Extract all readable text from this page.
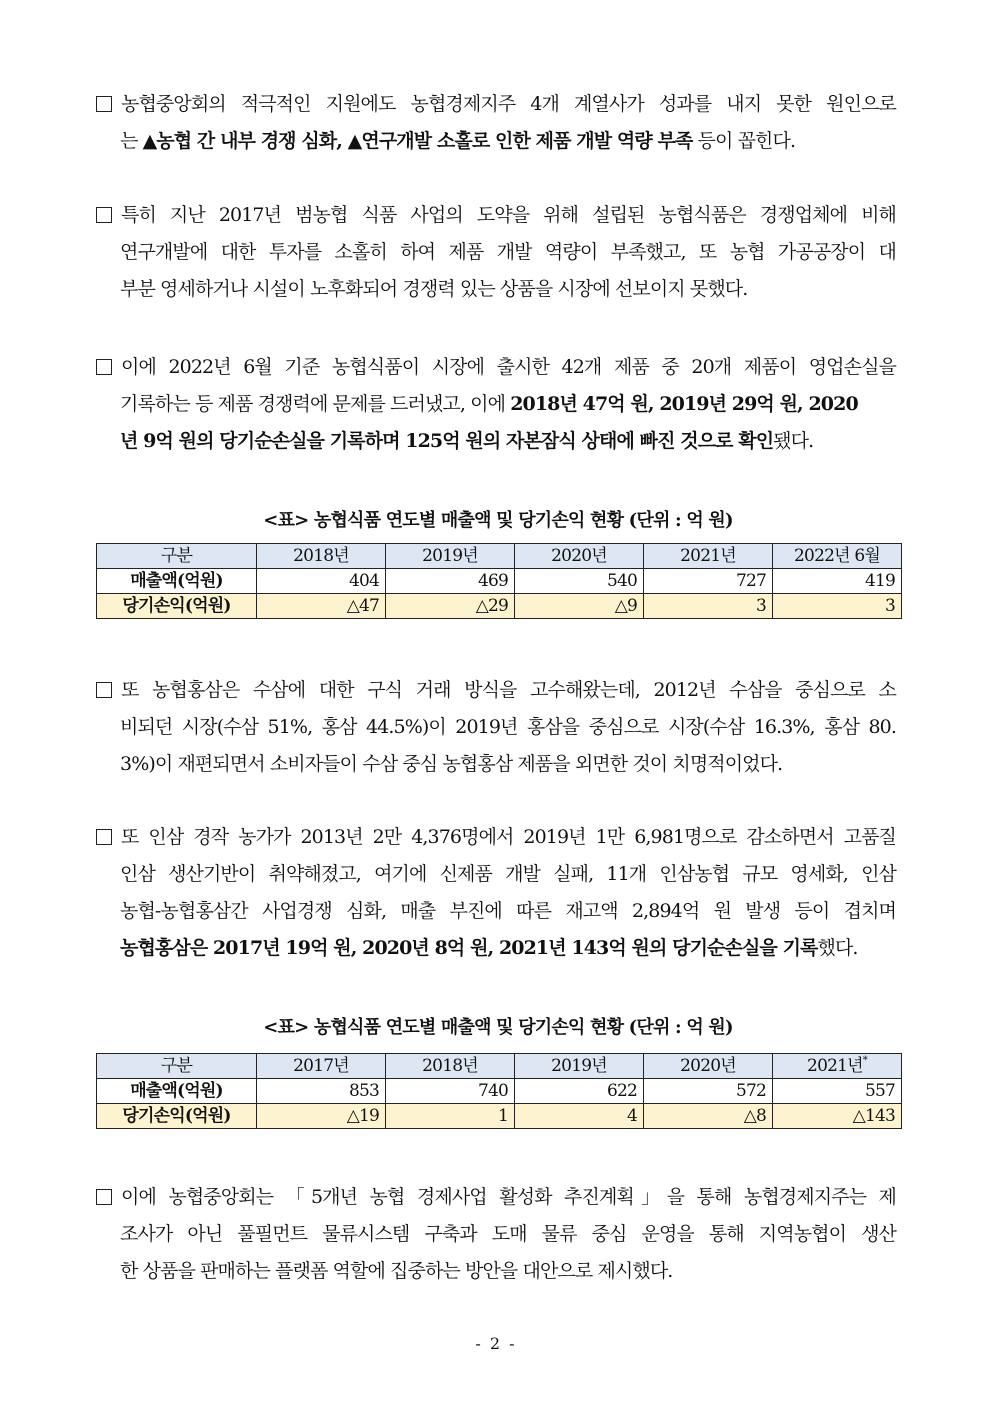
농협중앙회의 적극적인 지원에도 농협경제지주 4개 계열사가 성과를 내지 못한 원인으로
는 ▲농협 간 내부 경쟁 심화, ▲연구개발 소홀로 인한 제품 개발 역량 부족 등이 꼽힌다.
특히 지난 2017년 범농협 식품 사업의 도약을 위해 설립된 농협식품은 경쟁업체에 비해
연구개발에 대한 투자를 소홀히 하여 제품 개발 역량이 부족했고, 또 농협 가공공장이 대
부분 영세하거나 시설이 노후화되어 경쟁력 있는 상품을 시장에 선보이지 못했다.
이에 2022년 6월 기준 농협식품이 시장에 출시한 42개 제품 중 20개 제품이 영업손실을
기록하는 등 제품 경쟁력에 문제를 드러냈고, 이에 2018년 47억 원, 2019년 29억 원, 2020
년 9억 원의 당기순손실을 기록하며 125억 원의 자본잠식 상태에 빠진 것으로 확인됐다.
<표> 농협식품 연도별 매출액 및 당기손익 현황 (단위 : 억 원)
구분	2018년	2019년	2020년	2021년	2022년 6월
매출액(억원)	404	469	540	727	419
당기손익(억원)	△47	△29	△9	3	3
또 농협홍삼은 수삼에 대한 구식 거래 방식을 고수해왔는데, 2012년 수삼을 중심으로 소
비되던 시장(수삼 51%, 홍삼 44.5%)이 2019년 홍삼을 중심으로 시장(수삼 16.3%, 홍삼 80.
3%)이 재편되면서 소비자들이 수삼 중심 농협홍삼 제품을 외면한 것이 치명적이었다.
또 인삼 경작 농가가 2013년 2만 4,376명에서 2019년 1만 6,981명으로 감소하면서 고품질
인삼 생산기반이 취약해졌고, 여기에 신제품 개발 실패, 11개 인삼농협 규모 영세화, 인삼
농협-농협홍삼간 사업경쟁 심화, 매출 부진에 따른 재고액 2,894억 원 발생 등이 겹치며
농협홍삼은 2017년 19억 원, 2020년 8억 원, 2021년 143억 원의 당기순손실을 기록했다.
<표> 농협식품 연도별 매출액 및 당기손익 현황 (단위 : 억 원)
구분	2017년	2018년	2019년	2020년	2021년*
매출액(억원)	853	740	622	572	557
당기손익(억원)	△19	1	4	△8	△143
이에 농협중앙회는 「5개년 농협 경제사업 활성화 추진계획」을 통해 농협경제지주는 제
조사가 아닌 풀필먼트 물류시스템 구축과 도매 물류 중심 운영을 통해 지역농협이 생산
한 상품을 판매하는 플랫폼 역할에 집중하는 방안을 대안으로 제시했다.
- 2 -
